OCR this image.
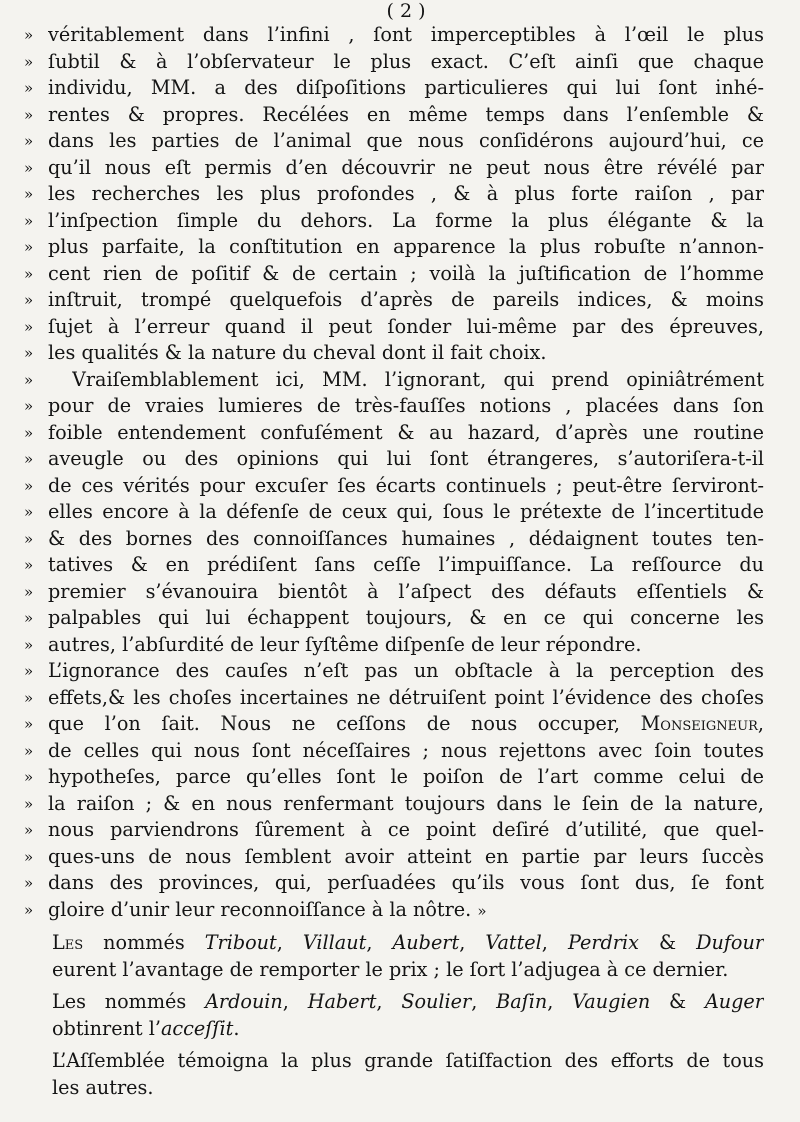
( 2 )
» véritablement dans l’infini , ſont imperceptibles à l’œil le plus
» ſubtil & à l’obſervateur le plus exact. C’eſt ainſi que chaque
» individu, MM. a des diſpoſitions particulieres qui lui ſont inhé-
» rentes & propres. Recélées en même temps dans l’enſemble &
» dans les parties de l’animal que nous conſidérons aujourd’hui, ce
» qu’il nous eſt permis d’en découvrir ne peut nous être révélé par
» les recherches les plus profondes , & à plus forte raiſon , par
» l’inſpection ſimple du dehors. La forme la plus élégante & la
» plus parfaite, la conſtitution en apparence la plus robuſte n’annon-
» cent rien de poſitif & de certain ; voilà la juſtification de l’homme
» inſtruit, trompé quelquefois d’après de pareils indices, & moins
» ſujet à l’erreur quand il peut ſonder lui-même par des épreuves,
» les qualités & la nature du cheval dont il fait choix.
»	Vraiſemblablement ici, MM. l’ignorant, qui prend opiniâtrément
» pour de vraies lumieres de très-fauſſes notions , placées dans ſon
» foible entendement confuſément & au hazard, d’après une routine
» aveugle ou des opinions qui lui ſont étrangeres, s’autoriſera-t-il
» de ces vérités pour excuſer ſes écarts continuels ; peut-être ſerviront-
» elles encore à la défenſe de ceux qui, ſous le prétexte de l’incertitude
» & des bornes des connoiſſances humaines , dédaignent toutes ten-
» tatives & en prédiſent ſans ceſſe l’impuiſſance. La reſſource du
» premier s’évanouira bientôt à l’aſpect des défauts eſſentiels &
» palpables qui lui échappent toujours, & en ce qui concerne les
» autres, l’abſurdité de leur ſyſtême diſpenſe de leur répondre.
» L’ignorance des cauſes n’eſt pas un obſtacle à la perception des
» effets,& les choſes incertaines ne détruiſent point l’évidence des choſes
» que l’on ſait. Nous ne ceſſons de nous occuper, Monseigneur,
» de celles qui nous ſont néceſſaires ; nous rejettons avec ſoin toutes
» hypotheſes, parce qu’elles ſont le poiſon de l’art comme celui de
» la raiſon ; & en nous renfermant toujours dans le ſein de la nature,
» nous parviendrons ſûrement à ce point deſiré d’utilité, que quel-
» ques-uns de nous ſemblent avoir atteint en partie par leurs ſuccès
» dans des provinces, qui, perſuadées qu’ils vous ſont dus, ſe font
» gloire d’unir leur reconnoiſſance à la nôtre. »
Les nommés Tribout, Villaut, Aubert, Vattel, Perdrix & Dufour
eurent l’avantage de remporter le prix ; le ſort l’adjugea à ce dernier.
Les nommés Ardouin, Habert, Soulier, Baſin, Vaugien & Auger
obtinrent l’acceſſit.
L’Aſſemblée témoigna la plus grande ſatiſfaction des efforts de tous
les autres.
